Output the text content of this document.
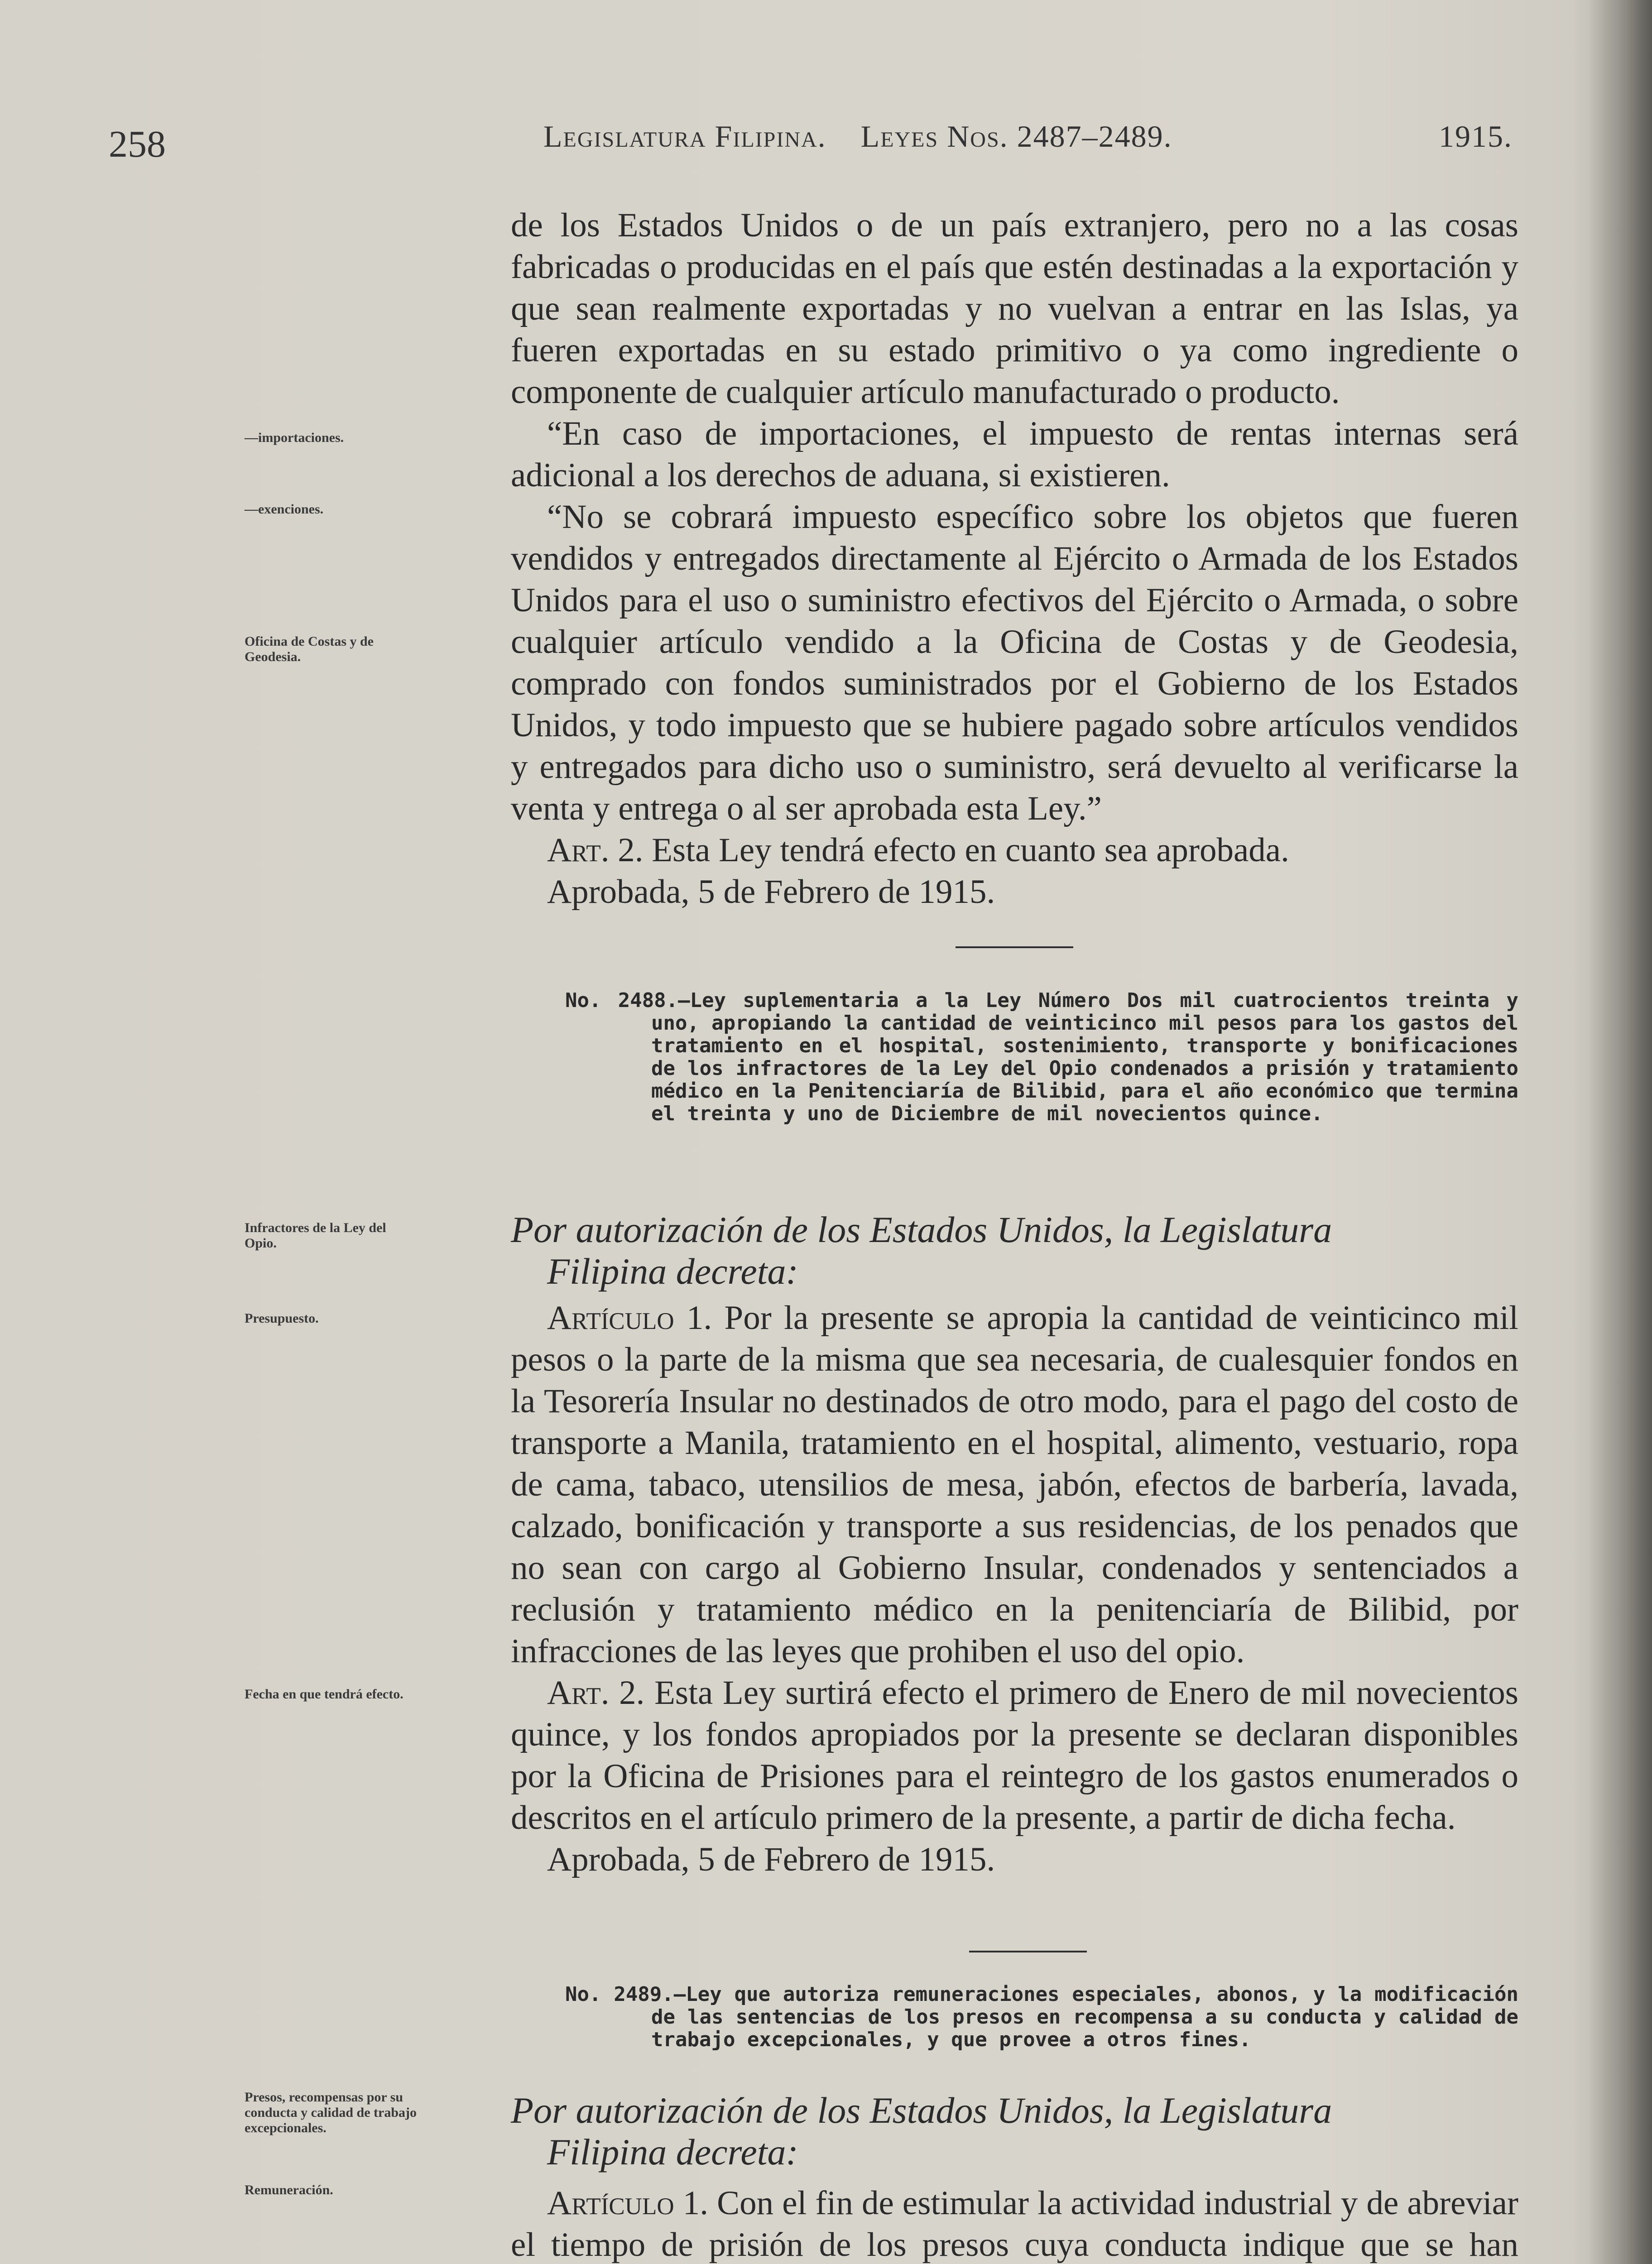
258	Legislatura Filipina. Leyes Nos. 2487–2489.	1915.
—importaciones.
—exenciones.
Oficina de Costas y de Geodesia.
Infractores de la Ley del Opio.
Presupuesto.
Fecha en que tendrá efecto.
Presos, recompensas por su conducta y calidad de trabajo excepcionales.
Remuneración.

de los Estados Unidos o de un país extranjero, pero no a las cosas fabricadas o producidas en el país que estén destinadas a la exportación y que sean realmente exportadas y no vuelvan a entrar en las Islas, ya fueren exportadas en su estado primitivo o ya como ingrediente o componente de cualquier artículo manufacturado o producto.

“En caso de importaciones, el impuesto de rentas internas será adicional a los derechos de aduana, si existieren.

“No se cobrará impuesto específico sobre los objetos que fueren vendidos y entregados directamente al Ejército o Armada de los Estados Unidos para el uso o suministro efectivos del Ejército o Armada, o sobre cualquier artículo vendido a la Oficina de Costas y de Geodesia, comprado con fondos suministrados por el Gobierno de los Estados Unidos, y todo impuesto que se hubiere pagado sobre artículos vendidos y entregados para dicho uso o suministro, será devuelto al verificarse la venta y entrega o al ser aprobada esta Ley.”

Art. 2. Esta Ley tendrá efecto en cuanto sea aprobada.

Aprobada, 5 de Febrero de 1915.

No. 2488.—Ley suplementaria a la Ley Número Dos mil cuatrocientos treinta y uno, apropiando la cantidad de veinticinco mil pesos para los gastos del tratamiento en el hospital, sostenimiento, transporte y bonificaciones de los infractores de la Ley del Opio condenados a prisión y tratamiento médico en la Penitenciaría de Bilibid, para el año económico que termina el treinta y uno de Diciembre de mil novecientos quince.
Por autorización de los Estados Unidos, la Legislatura
Filipina decreta:

Artículo 1. Por la presente se apropia la cantidad de veinticinco mil pesos o la parte de la misma que sea necesaria, de cualesquier fondos en la Tesorería Insular no destinados de otro modo, para el pago del costo de transporte a Manila, tratamiento en el hospital, alimento, vestuario, ropa de cama, tabaco, utensilios de mesa, jabón, efectos de barbería, lavada, calzado, bonificación y transporte a sus residencias, de los penados que no sean con cargo al Gobierno Insular, condenados y sentenciados a reclusión y tratamiento médico en la penitenciaría de Bilibid, por infracciones de las leyes que prohiben el uso del opio.

Art. 2. Esta Ley surtirá efecto el primero de Enero de mil novecientos quince, y los fondos apropiados por la presente se declaran disponibles por la Oficina de Prisiones para el reintegro de los gastos enumerados o descritos en el artículo primero de la presente, a partir de dicha fecha.

Aprobada, 5 de Febrero de 1915.

No. 2489.—Ley que autoriza remuneraciones especiales, abonos, y la modificación de las sentencias de los presos en recompensa a su conducta y calidad de trabajo excepcionales, y que provee a otros fines.
Por autorización de los Estados Unidos, la Legislatura
Filipina decreta:

Artículo 1. Con el fin de estimular la actividad industrial y de abreviar el tiempo de prisión de los presos cuya conducta indique que se han
